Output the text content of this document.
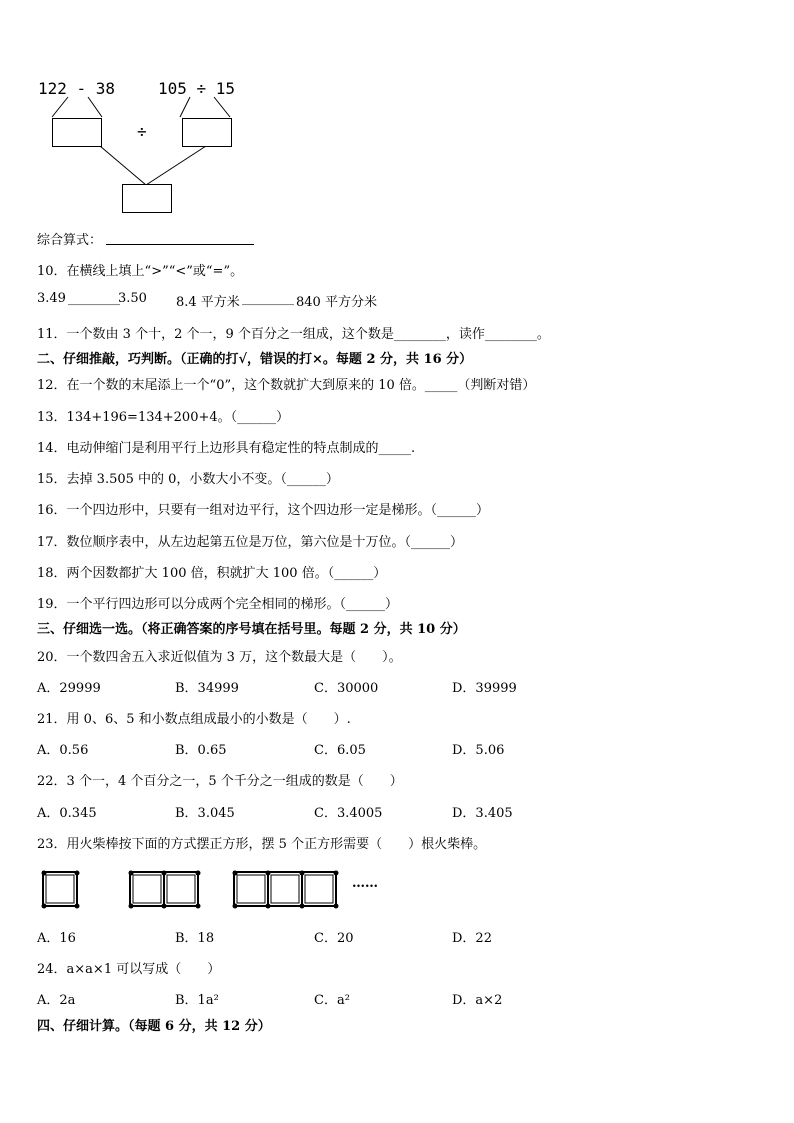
122 - 38	105 ÷ 15
÷
综合算式：
10．在横线上填上“>”“<”或“=”。
3.49 ________
3.50 8.4 平方米 ________ 840 平方分米
11．一个数由 3 个十，2 个一，9 个百分之一组成，这个数是________，读作________。
二、仔细推敲，巧判断。（正确的打√，错误的打×。每题 2 分，共 16 分）
12．在一个数的末尾添上一个“0”，这个数就扩大到原来的 10 倍。_____（判断对错）
13．134+196=134+200+4。（______）
14．电动伸缩门是利用平行上边形具有稳定性的特点制成的_____.
15．去掉 3.505 中的 0，小数大小不变。（______）
16．一个四边形中，只要有一组对边平行，这个四边形一定是梯形。（______）
17．数位顺序表中，从左边起第五位是万位，第六位是十万位。（______）
18．两个因数都扩大 100 倍，积就扩大 100 倍。（______）
19．一个平行四边形可以分成两个完全相同的梯形。（______）
三、仔细选一选。（将正确答案的序号填在括号里。每题 2 分，共 10 分）
20．一个数四舍五入求近似值为 3 万，这个数最大是（　　）。
A．29999	B．34999	C．30000	D．39999
21．用 0、6、5 和小数点组成最小的小数是（　　）.
A．0.56	B．0.65	C．6.05	D．5.06
22．3 个一，4 个百分之一，5 个千分之一组成的数是（　　）
A．0.345	B．3.045	C．3.4005	D．3.405
23．用火柴棒按下面的方式摆正方形，摆 5 个正方形需要（　　）根火柴棒。
……
A．16	B．18	C．20	D．22
24．a×a×1 可以写成（　　）
A．2a	B．1a²	C．a²	D．a×2
四、仔细计算。（每题 6 分，共 12 分）
